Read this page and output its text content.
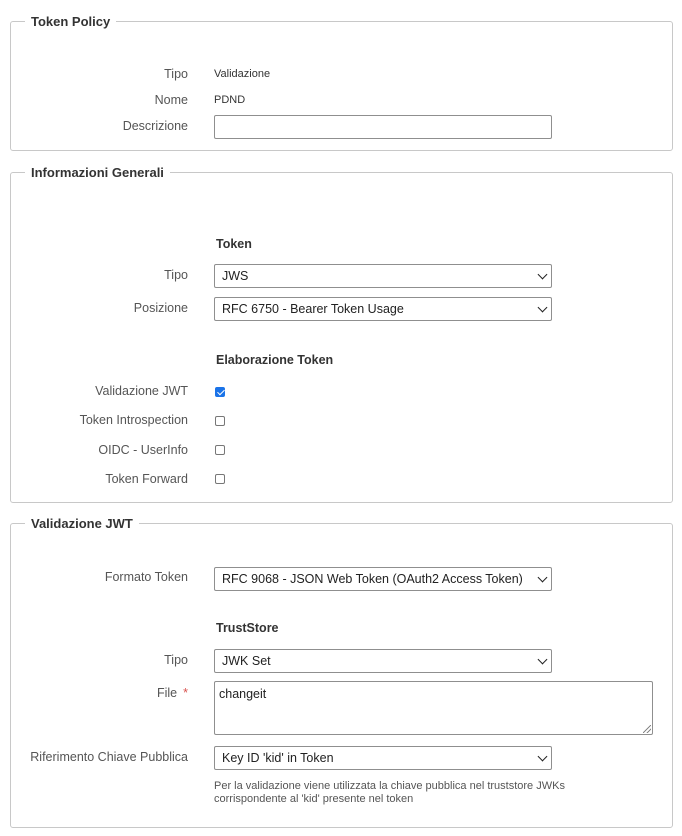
Token Policy
Tipo Validazione
Nome PDND
Descrizione
Informazioni Generali
Token
Tipo	JWS
Posizione	RFC 6750 - Bearer Token Usage
Elaborazione Token
Validazione JWT
Token Introspection
OIDC - UserInfo
Token Forward
Validazione JWT
Formato Token	RFC 9068 - JSON Web Token (OAuth2 Access Token)
TrustStore
Tipo	JWK Set
File *	changeit
Riferimento Chiave Pubblica	Key ID 'kid' in Token
Per la validazione viene utilizzata la chiave pubblica nel truststore JWKs corrispondente al 'kid' presente nel token
